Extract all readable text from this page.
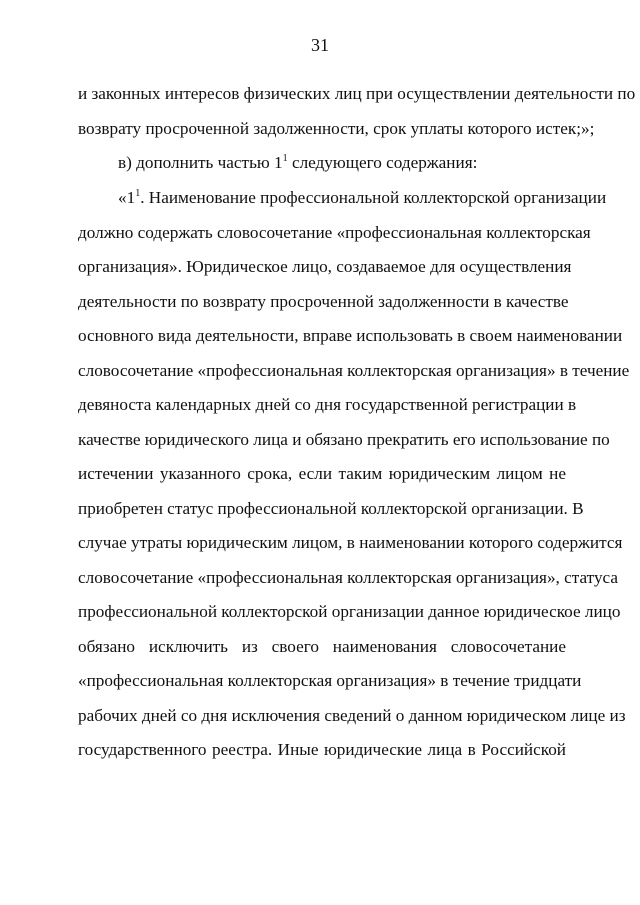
31
и законных интересов физических лиц при осуществлении деятельности по
возврату просроченной задолженности, срок уплаты которого истек;»;
в) дополнить частью $1^1$ следующего содержания:
«$1^1$. Наименование профессиональной коллекторской организации
должно содержать словосочетание «профессиональная коллекторская
организация». Юридическое лицо, создаваемое для осуществления
деятельности по возврату просроченной задолженности в качестве
основного вида деятельности, вправе использовать в своем наименовании
словосочетание «профессиональная коллекторская организация» в течение
девяноста календарных дней со дня государственной регистрации в
качестве юридического лица и обязано прекратить его использование по
истечении указанного срока, если таким юридическим лицом не
приобретен статус профессиональной коллекторской организации. В
случае утраты юридическим лицом, в наименовании которого содержится
словосочетание «профессиональная коллекторская организация», статуса
профессиональной коллекторской организации данное юридическое лицо
обязано исключить из своего наименования словосочетание
«профессиональная коллекторская организация» в течение тридцати
рабочих дней со дня исключения сведений о данном юридическом лице из
государственного реестра. Иные юридические лица в Российской
